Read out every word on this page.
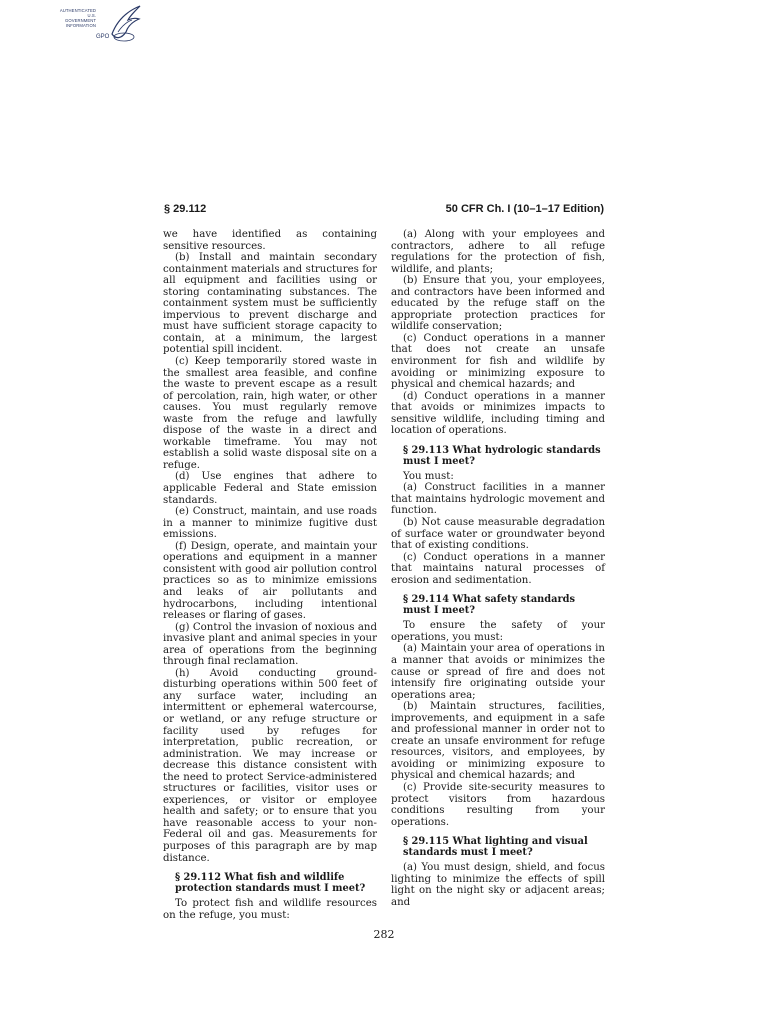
AUTHENTICATED
U.S. GOVERNMENT
INFORMATION
GPO
§ 29.112	50 CFR Ch. I (10–1–17 Edition)

we have identified as containing sensitive resources.

(b) Install and maintain secondary containment materials and structures for all equipment and facilities using or storing contaminating substances. The containment system must be sufficiently impervious to prevent discharge and must have sufficient storage capacity to contain, at a minimum, the largest potential spill incident.

(c) Keep temporarily stored waste in the smallest area feasible, and confine the waste to prevent escape as a result of percolation, rain, high water, or other causes. You must regularly remove waste from the refuge and lawfully dispose of the waste in a direct and workable timeframe. You may not establish a solid waste disposal site on a refuge.

(d) Use engines that adhere to applicable Federal and State emission standards.

(e) Construct, maintain, and use roads in a manner to minimize fugitive dust emissions.

(f) Design, operate, and maintain your operations and equipment in a manner consistent with good air pollution control practices so as to minimize emissions and leaks of air pollutants and hydrocarbons, including intentional releases or flaring of gases.

(g) Control the invasion of noxious and invasive plant and animal species in your area of operations from the beginning through final reclamation.

(h) Avoid conducting ground-disturbing operations within 500 feet of any surface water, including an intermittent or ephemeral watercourse, or wetland, or any refuge structure or facility used by refuges for interpretation, public recreation, or administration. We may increase or decrease this distance consistent with the need to protect Service-administered structures or facilities, visitor uses or experiences, or visitor or employee health and safety; or to ensure that you have reasonable access to your non-Federal oil and gas. Measurements for purposes of this paragraph are by map distance.

§ 29.112 What fish and wildlife protection standards must I meet?

To protect fish and wildlife resources on the refuge, you must:

(a) Along with your employees and contractors, adhere to all refuge regulations for the protection of fish, wildlife, and plants;

(b) Ensure that you, your employees, and contractors have been informed and educated by the refuge staff on the appropriate protection practices for wildlife conservation;

(c) Conduct operations in a manner that does not create an unsafe environment for fish and wildlife by avoiding or minimizing exposure to physical and chemical hazards; and

(d) Conduct operations in a manner that avoids or minimizes impacts to sensitive wildlife, including timing and location of operations.

§ 29.113 What hydrologic standards must I meet?

You must:

(a) Construct facilities in a manner that maintains hydrologic movement and function.

(b) Not cause measurable degradation of surface water or groundwater beyond that of existing conditions.

(c) Conduct operations in a manner that maintains natural processes of erosion and sedimentation.

§ 29.114 What safety standards must I meet?

To ensure the safety of your operations, you must:

(a) Maintain your area of operations in a manner that avoids or minimizes the cause or spread of fire and does not intensify fire originating outside your operations area;

(b) Maintain structures, facilities, improvements, and equipment in a safe and professional manner in order not to create an unsafe environment for refuge resources, visitors, and employees, by avoiding or minimizing exposure to physical and chemical hazards; and

(c) Provide site-security measures to protect visitors from hazardous conditions resulting from your operations.

§ 29.115 What lighting and visual standards must I meet?

(a) You must design, shield, and focus lighting to minimize the effects of spill light on the night sky or adjacent areas; and

282
